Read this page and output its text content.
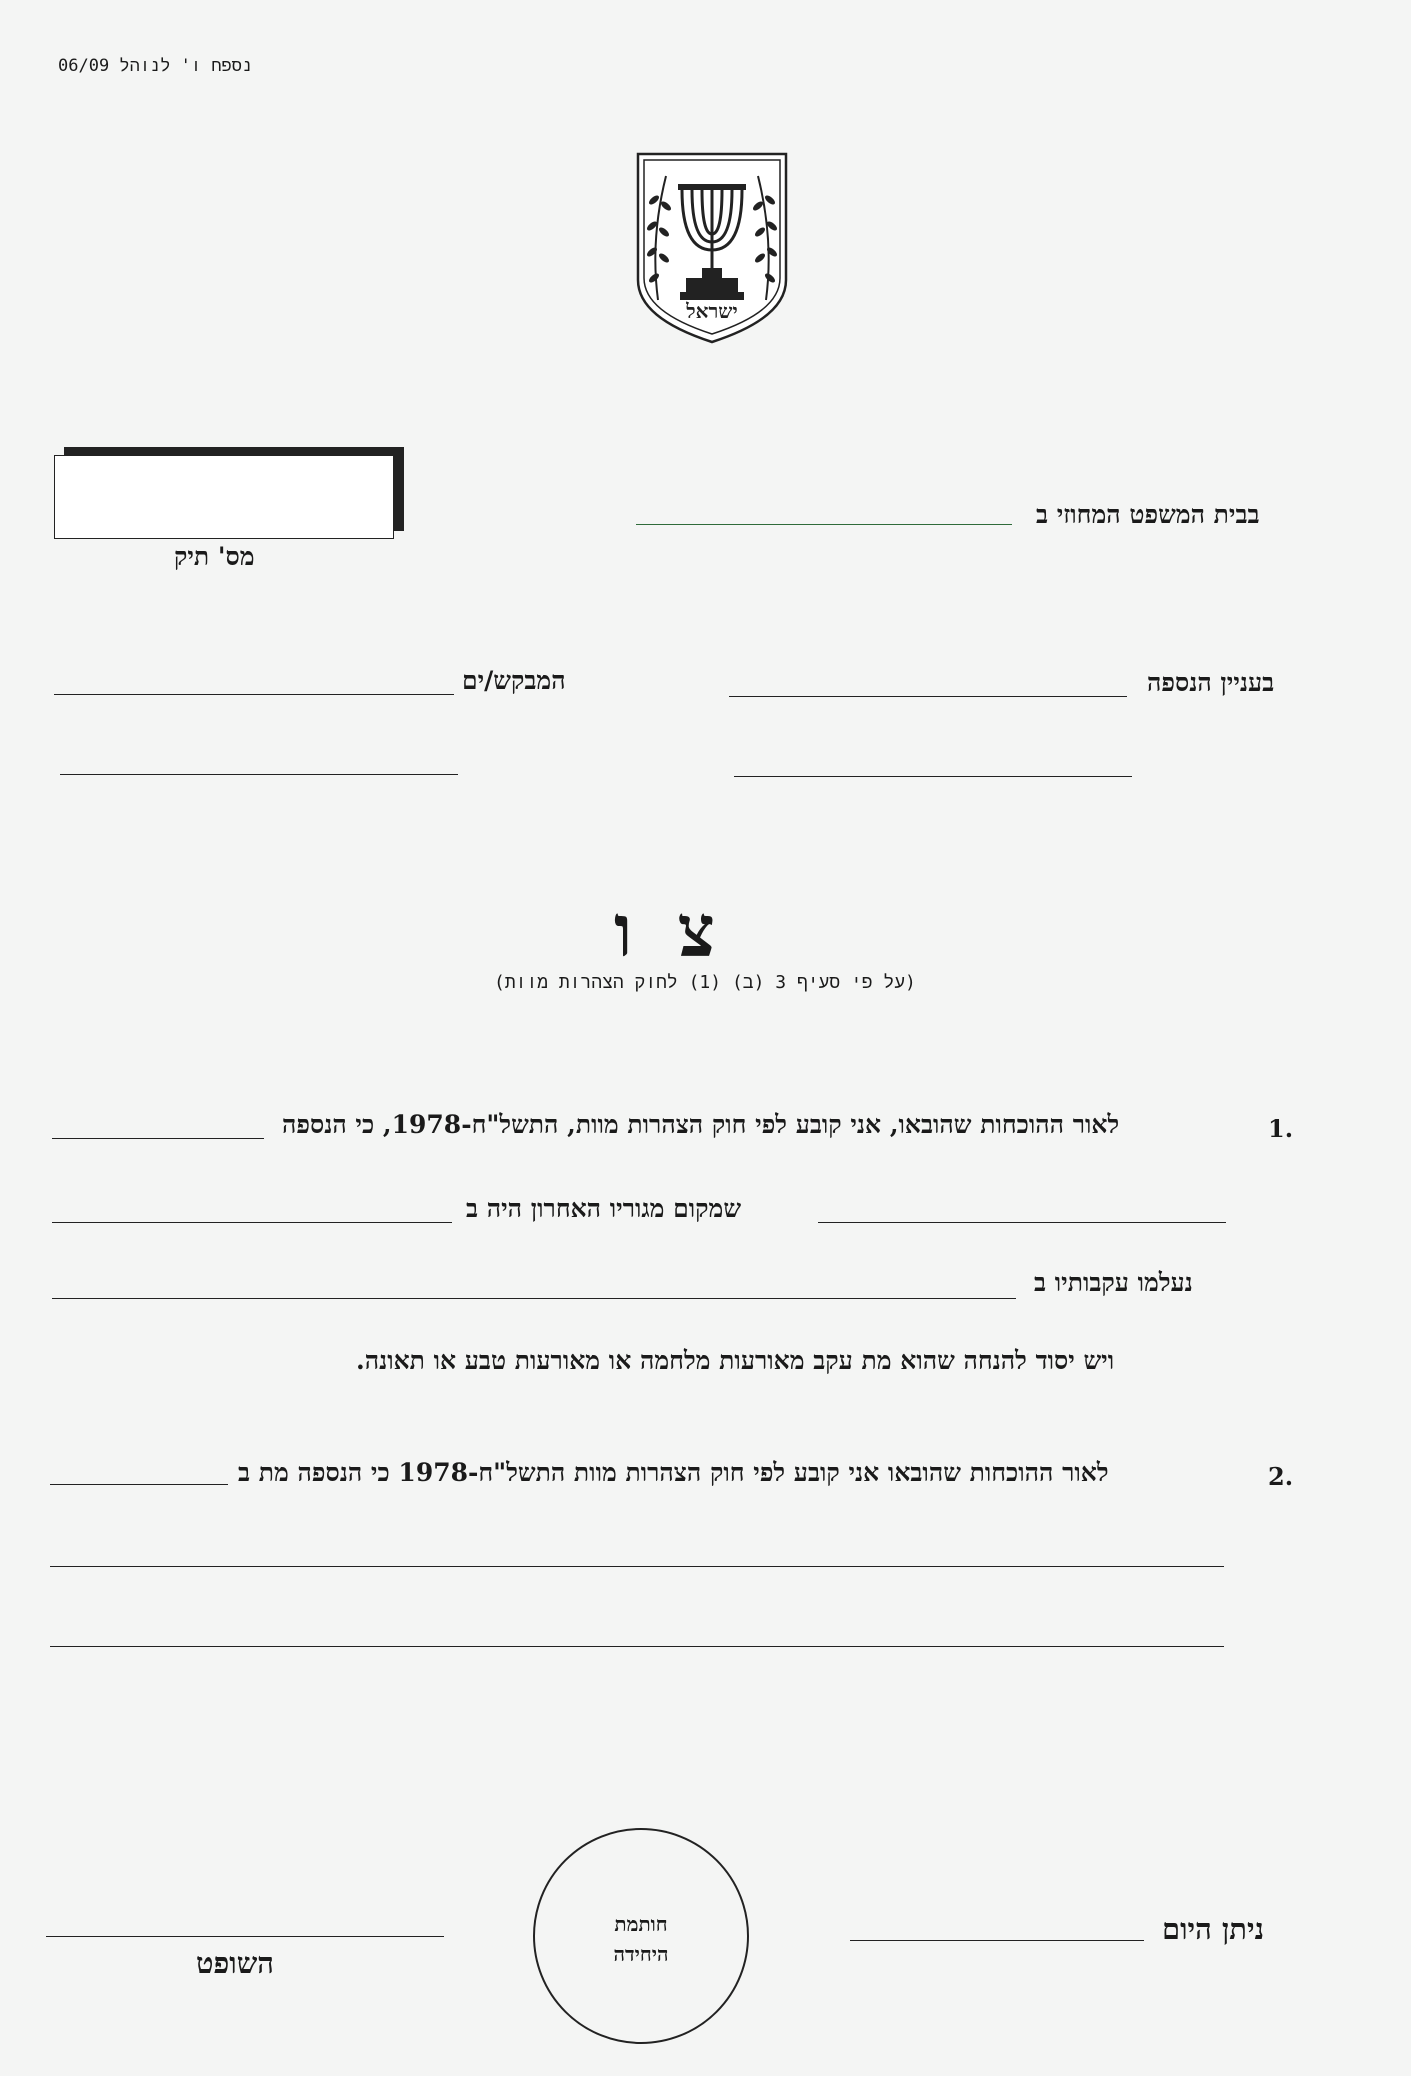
נספח ו' לנוהל 06/09
ישראל
מס' תיק
בבית המשפט המחוזי ב
בעניין הנספה
המבקש/ים
צ ו
(על פי סעיף 3 (ב) (1) לחוק הצהרות מוות)
.1
לאור ההוכחות שהובאו, אני קובע לפי חוק הצהרות מוות, התשל"ח-1978, כי הנספה
שמקום מגוריו האחרון היה ב
נעלמו עקבותיו ב
ויש יסוד להנחה שהוא מת עקב מאורעות מלחמה או מאורעות טבע או תאונה.
.2
לאור ההוכחות שהובאו אני קובע לפי חוק הצהרות מוות התשל"ח-1978 כי הנספה מת ב
ניתן היום
חותמת
היחידה
השופט
